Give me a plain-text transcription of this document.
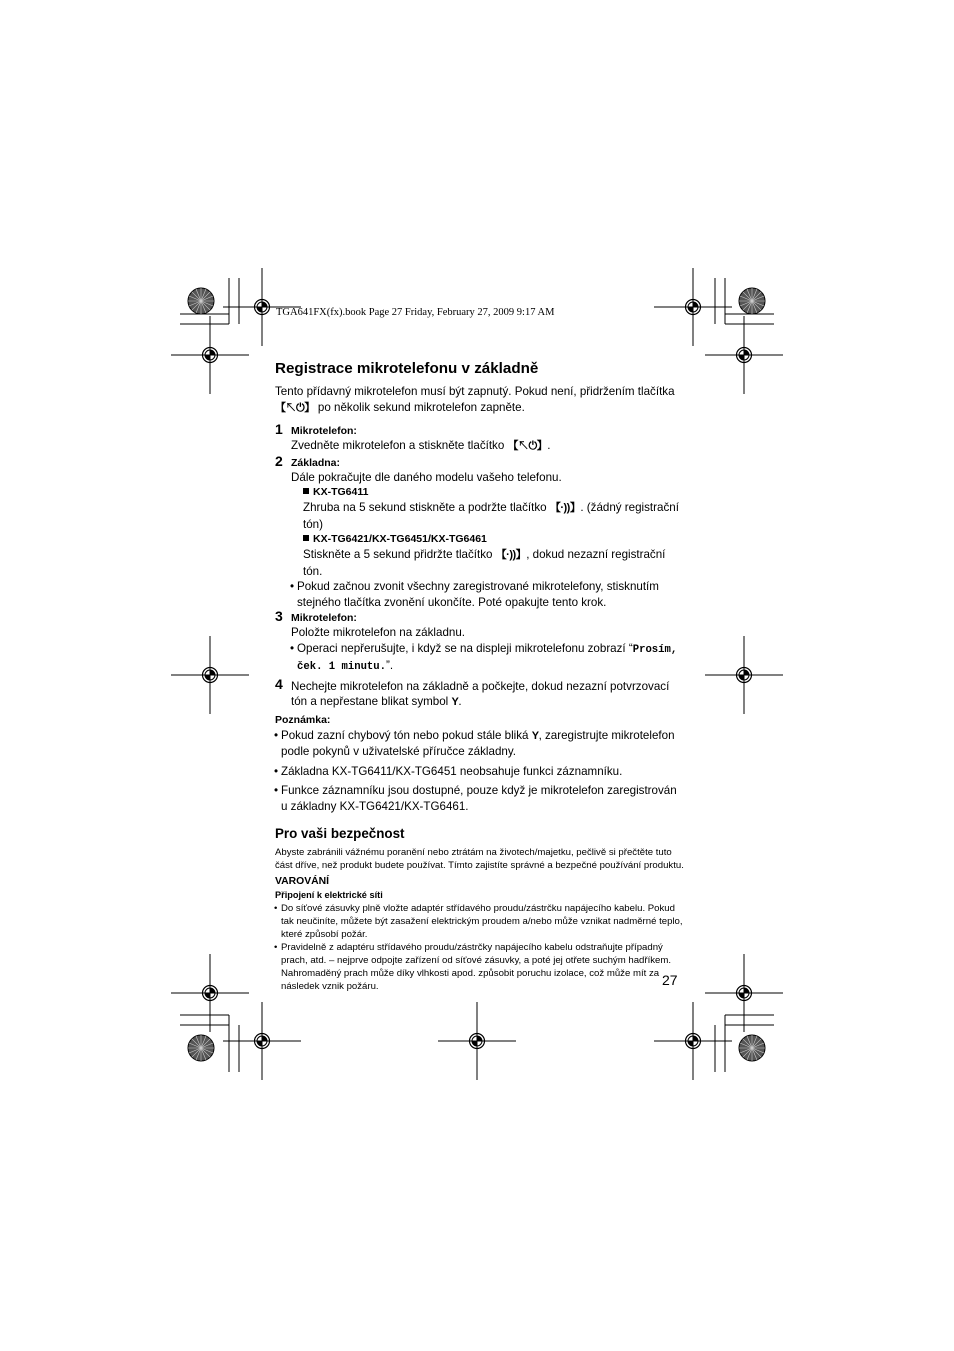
TGA641FX(fx).book Page 27 Friday, February 27, 2009 9:17 AM
Registrace mikrotelefonu v základně

Tento přídavný mikrotelefon musí být zapnutý. Pokud není, přidržením tlačítka
【↖⏻】 po několik sekund mikrotelefon zapněte.

1 Mikrotelefon:

Zvedněte mikrotelefon a stiskněte tlačítko 【↖⏻】.

2 Základna:

Dále pokračujte dle daného modelu vašeho telefonu.

KX-TG6411

Zhruba na 5 sekund stiskněte a podržte tlačítko 【·))】. (žádný registrační tón)

KX-TG6421/KX-TG6451/KX-TG6461

Stiskněte a 5 sekund přidržte tlačítko 【·))】, dokud nezazní registrační tón.

• Pokud začnou zvonit všechny zaregistrované mikrotelefony, stisknutím stejného tlačítka zvonění ukončíte. Poté opakujte tento krok.

3 Mikrotelefon:

Položte mikrotelefon na základnu.

• Operaci nepřerušujte, i když se na displeji mikrotelefonu zobrazí “Prosím, ček. 1 minutu.”.

4 Nechejte mikrotelefon na základně a počkejte, dokud nezazní potvrzovací tón a nepřestane blikat symbol Y.

Poznámka:

• Pokud zazní chybový tón nebo pokud stále bliká Y, zaregistrujte mikrotelefon podle pokynů v uživatelské příručce základny.

• Základna KX-TG6411/KX-TG6451 neobsahuje funkci záznamníku.

• Funkce záznamníku jsou dostupné, pouze když je mikrotelefon zaregistrován u základny KX-TG6421/KX-TG6461.

Pro vaši bezpečnost

Abyste zabránili vážnému poranění nebo ztrátám na životech/majetku, pečlivě si přečtěte tuto část dříve, než produkt budete používat. Tímto zajistíte správné a bezpečné používání produktu.

VAROVÁNÍ
Připojení k elektrické síti

• Do síťové zásuvky plně vložte adaptér střídavého proudu/zástrčku napájecího kabelu. Pokud tak neučiníte, můžete být zasažení elektrickým proudem a/nebo může vznikat nadměrné teplo, které způsobí požár.

• Pravidelně z adaptéru střídavého proudu/zástrčky napájecího kabelu odstraňujte případný prach, atd. – nejprve odpojte zařízení od síťové zásuvky, a poté jej otřete suchým hadříkem. Nahromaděný prach může díky vlhkosti apod. způsobit poruchu izolace, což může mít za následek vznik požáru.	27
